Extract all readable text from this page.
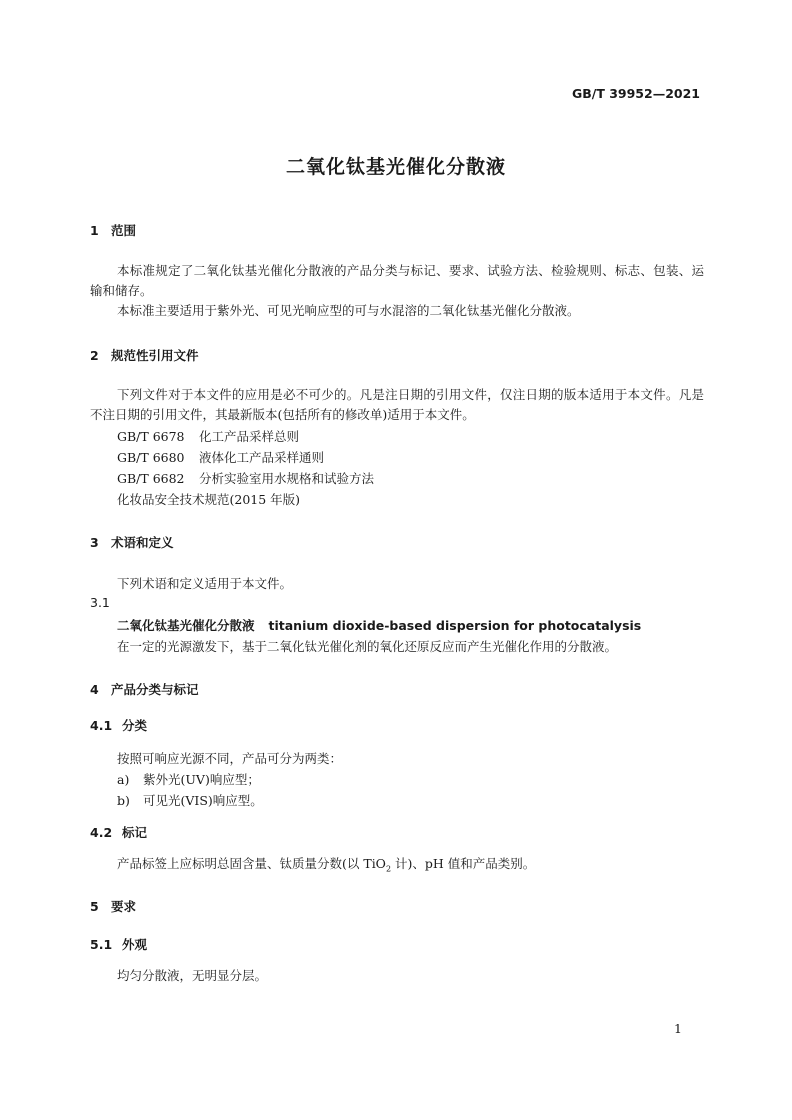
GB/T 39952—2021
二氧化钛基光催化分散液
1 范围
本标准规定了二氧化钛基光催化分散液的产品分类与标记、要求、试验方法、检验规则、标志、包装、运输和储存。
本标准主要适用于紫外光、可见光响应型的可与水混溶的二氧化钛基光催化分散液。
2 规范性引用文件
下列文件对于本文件的应用是必不可少的。凡是注日期的引用文件，仅注日期的版本适用于本文件。凡是不注日期的引用文件，其最新版本(包括所有的修改单)适用于本文件。
GB/T 6678 化工产品采样总则
GB/T 6680 液体化工产品采样通则
GB/T 6682 分析实验室用水规格和试验方法
化妆品安全技术规范(2015 年版)
3 术语和定义
下列术语和定义适用于本文件。
3.1
二氧化钛基光催化分散液 titanium dioxide-based dispersion for photocatalysis
在一定的光源激发下，基于二氧化钛光催化剂的氧化还原反应而产生光催化作用的分散液。
4 产品分类与标记
4.1 分类
按照可响应光源不同，产品可分为两类：
a) 紫外光(UV)响应型；
b) 可见光(VIS)响应型。
4.2 标记
产品标签上应标明总固含量、钛质量分数(以 TiO$_2$ 计)、pH 值和产品类别。
5 要求
5.1 外观
均匀分散液，无明显分层。
1
